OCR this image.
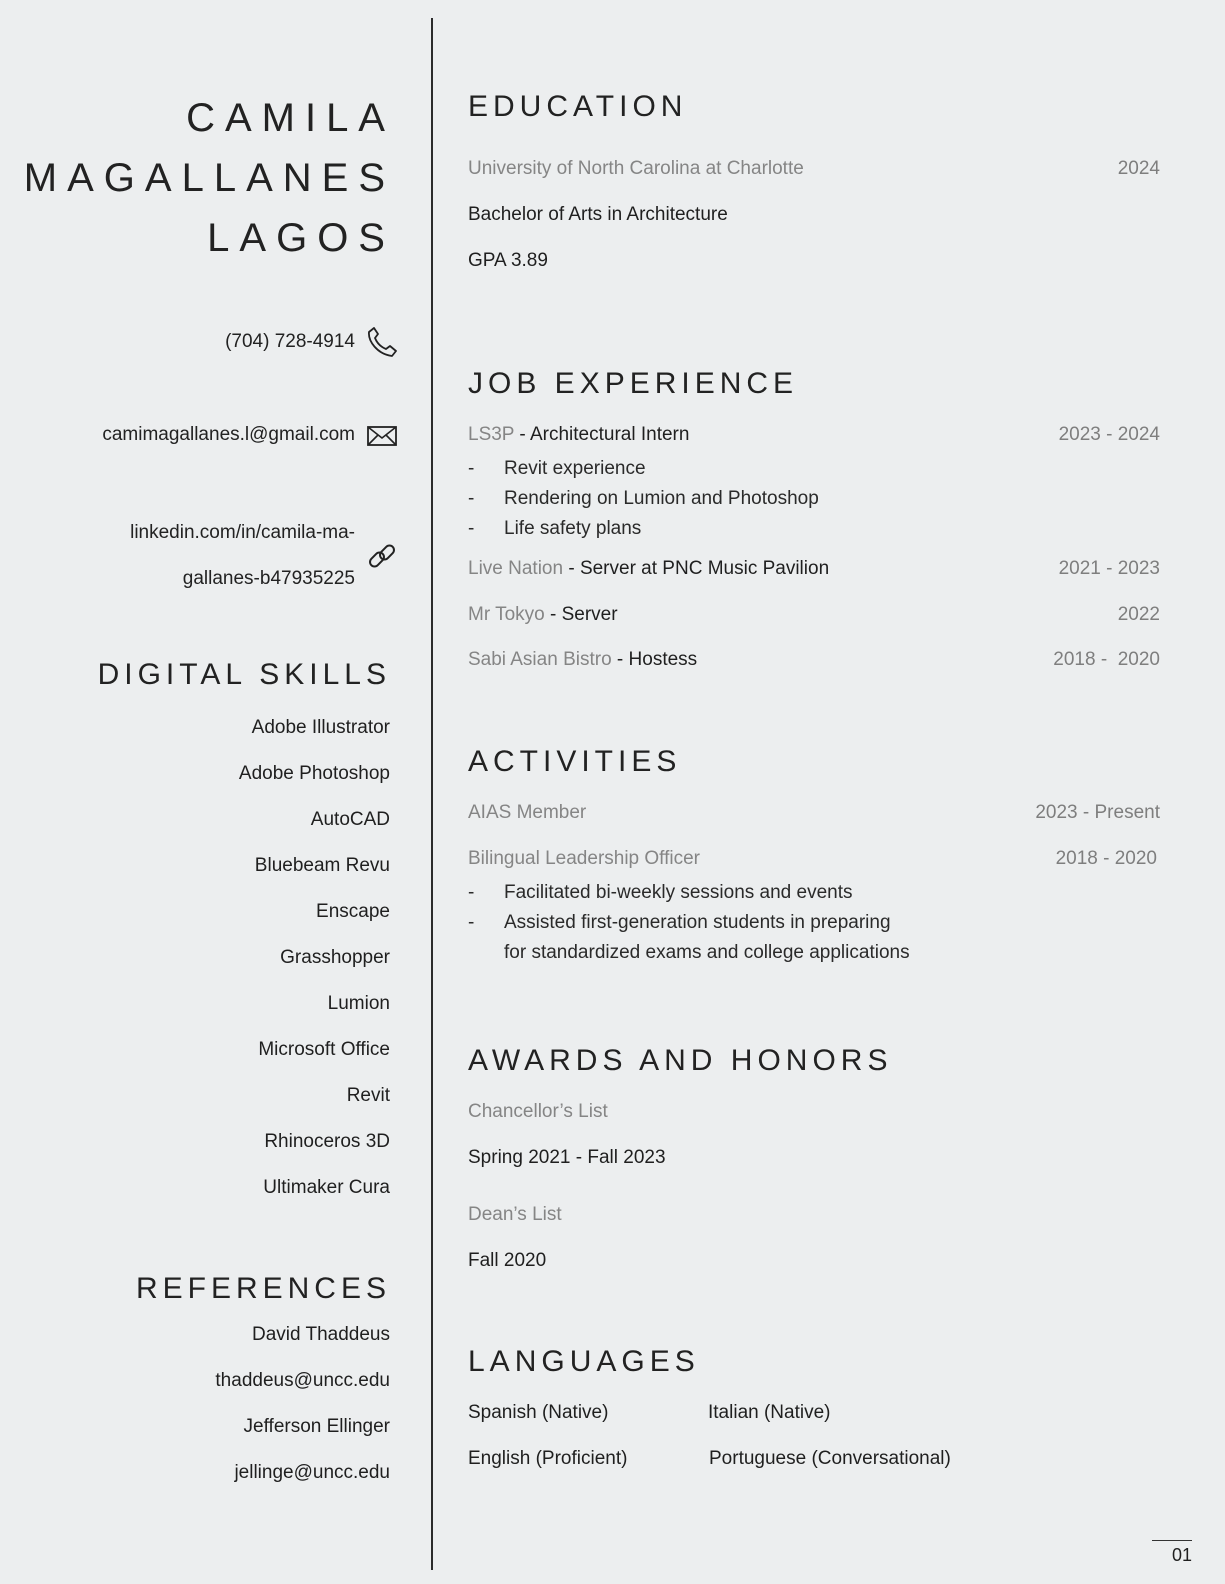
CAMILA
MAGALLANES
LAGOS
(704) 728-4914
camimagallanes.l@gmail.com
linkedin.com/in/camila-ma-
gallanes-b47935225
DIGITAL SKILLS
Adobe Illustrator
Adobe Photoshop
AutoCAD
Bluebeam Revu
Enscape
Grasshopper
Lumion
Microsoft Office
Revit
Rhinoceros 3D
Ultimaker Cura
REFERENCES
David Thaddeus
thaddeus@uncc.edu
Jefferson Ellinger
jellinge@uncc.edu
EDUCATION
University of North Carolina at Charlotte	2024
Bachelor of Arts in Architecture
GPA 3.89
JOB EXPERIENCE
LS3P - Architectural Intern	2023 - 2024
- Revit experience
- Rendering on Lumion and Photoshop
- Life safety plans
Live Nation - Server at PNC Music Pavilion	2021 - 2023
Mr Tokyo - Server	2022
Sabi Asian Bistro - Hostess	2018 -  2020
ACTIVITIES
AIAS Member	2023 - Present
Bilingual Leadership Officer	2018 - 2020
- Facilitated bi-weekly sessions and events
- Assisted first-generation students in preparing
for standardized exams and college applications
AWARDS AND HONORS
Chancellor’s List
Spring 2021 - Fall 2023
Dean’s List
Fall 2020
LANGUAGES
Spanish (Native)	Italian (Native)
English (Proficient)	Portuguese (Conversational)
01
